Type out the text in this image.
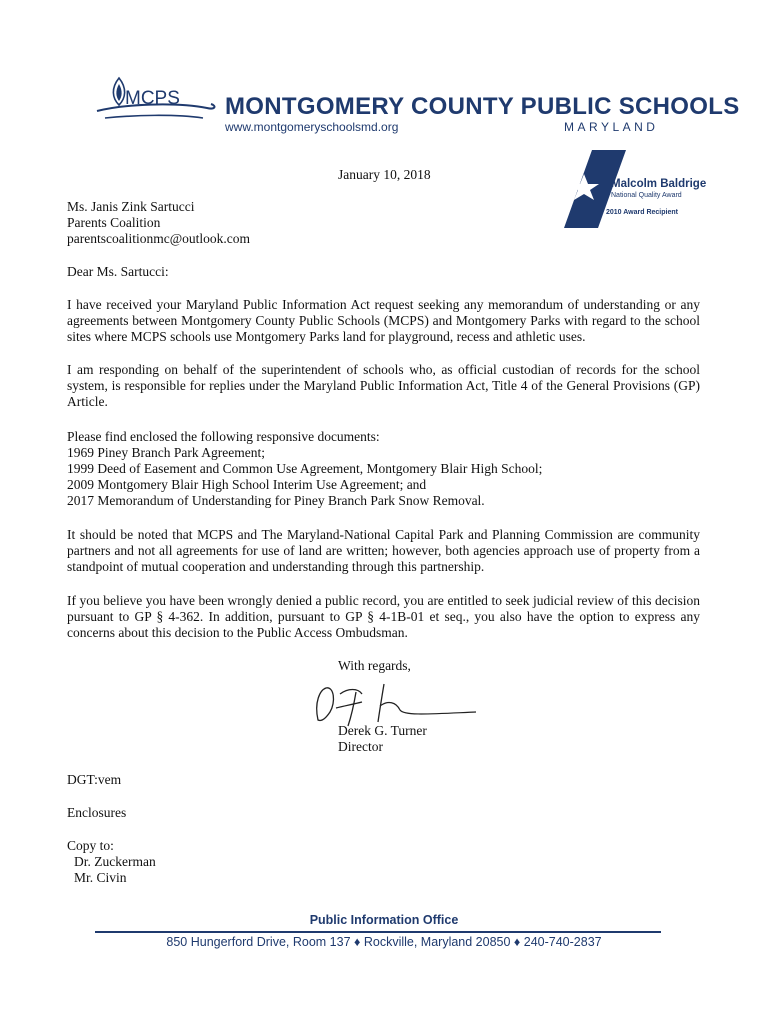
MCPS MONTGOMERY COUNTY PUBLIC SCHOOLS
www.montgomeryschoolsmd.org	MARYLAND
Malcolm Baldrige
National Quality Award
2010 Award Recipient
January 10, 2018
Ms. Janis Zink Sartucci
Parents Coalition
parentscoalitionmc@outlook.com
Dear Ms. Sartucci:
I have received your Maryland Public Information Act request seeking any memorandum of understanding or any agreements between Montgomery County Public Schools (MCPS) and Montgomery Parks with regard to the school sites where MCPS schools use Montgomery Parks land for playground, recess and athletic uses.
I am responding on behalf of the superintendent of schools who, as official custodian of records for the school system, is responsible for replies under the Maryland Public Information Act, Title 4 of the General Provisions (GP) Article.
Please find enclosed the following responsive documents:
1969 Piney Branch Park Agreement;
1999 Deed of Easement and Common Use Agreement, Montgomery Blair High School;
2009 Montgomery Blair High School Interim Use Agreement; and
2017 Memorandum of Understanding for Piney Branch Park Snow Removal.
It should be noted that MCPS and The Maryland-National Capital Park and Planning Commission are community partners and not all agreements for use of land are written; however, both agencies approach use of property from a standpoint of mutual cooperation and understanding through this partnership.
If you believe you have been wrongly denied a public record, you are entitled to seek judicial review of this decision pursuant to GP § 4-362. In addition, pursuant to GP § 4-1B-01 et seq., you also have the option to express any concerns about this decision to the Public Access Ombudsman.
With regards,
Derek G. Turner
Director
DGT:vem
Enclosures
Copy to:
Dr. Zuckerman
Mr. Civin
Public Information Office
850 Hungerford Drive, Room 137 ♦ Rockville, Maryland 20850 ♦ 240-740-2837
